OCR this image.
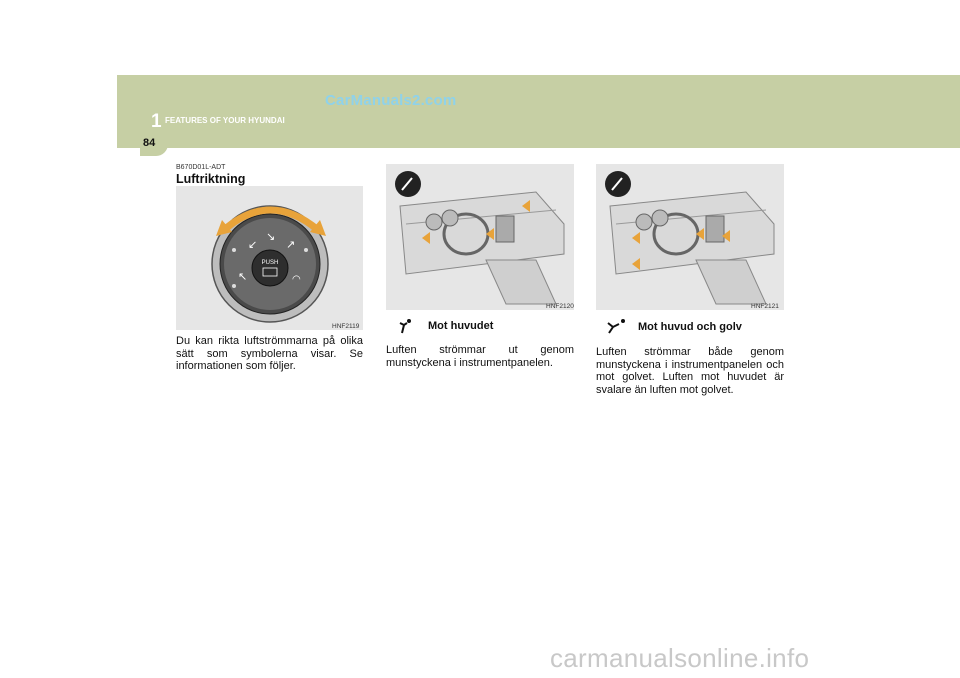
CarManuals2.com
1 FEATURES OF YOUR HYUNDAI
84
B670D01L-ADT
Luftriktning
↙
↘
↗
↖	◠
PUSH
HNF2119
Du kan rikta luftströmmarna på olika sätt som symbolerna visar. Se informationen som följer.
HNF2120
Mot huvudet
Luften strömmar ut genom munstyckena i instrumentpanelen.
HNF2121
Mot huvud och golv
Luften strömmar både genom munstyckena i instrumentpanelen och mot golvet. Luften mot huvudet är svalare än luften mot golvet.
carmanualsonline.info
